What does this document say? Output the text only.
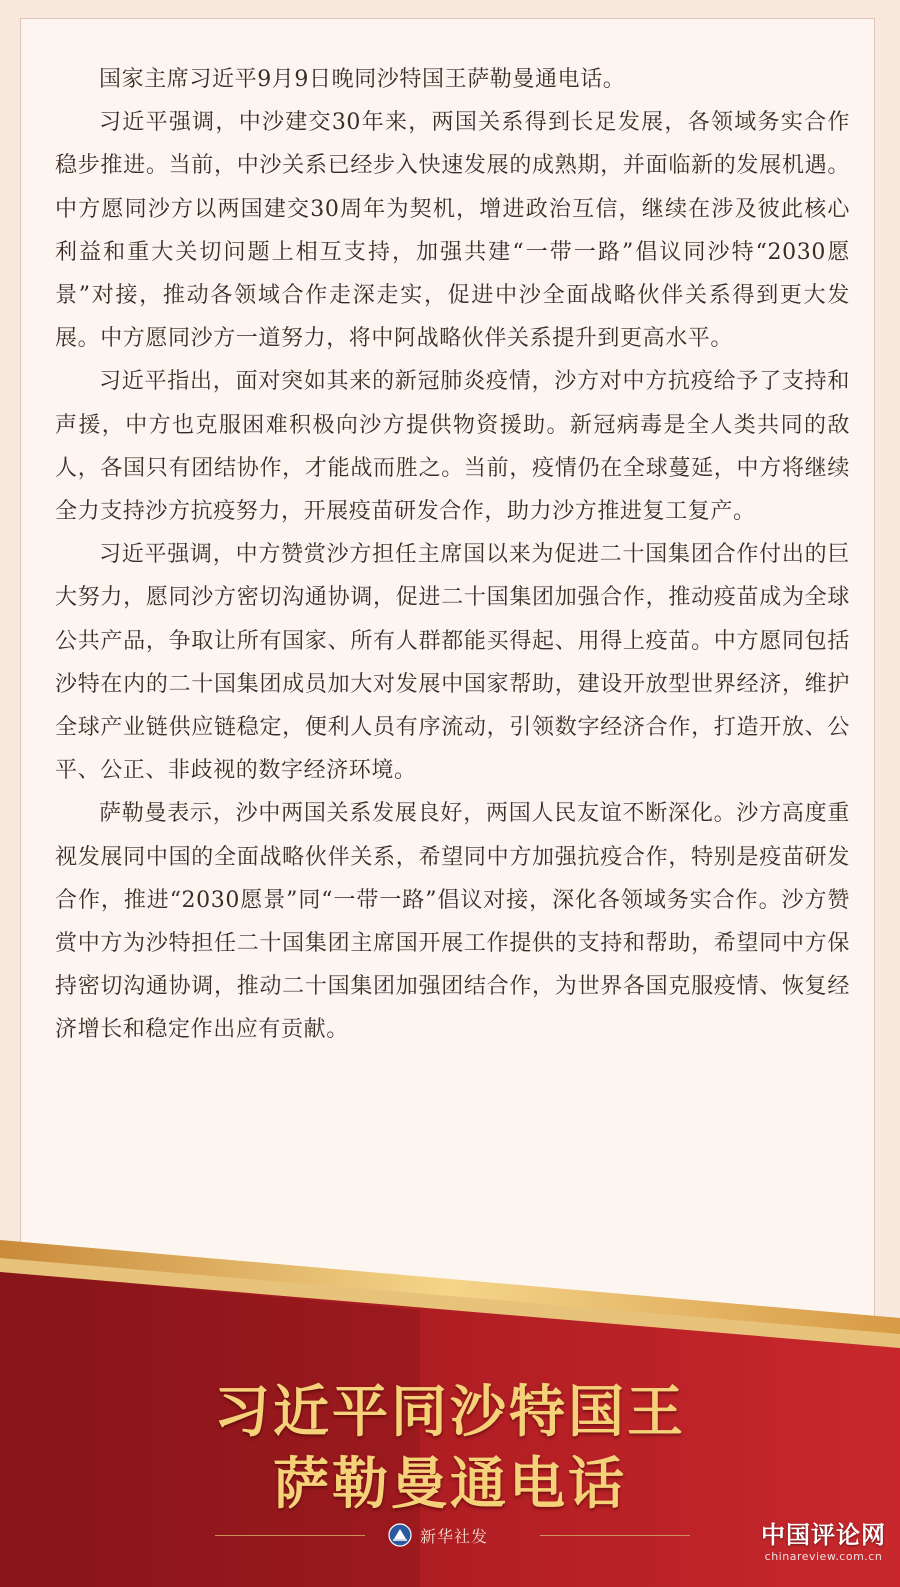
国家主席习近平9月9日晚同沙特国王萨勒曼通电话。

习近平强调，中沙建交30年来，两国关系得到长足发展，各领域务实合作稳步推进。当前，中沙关系已经步入快速发展的成熟期，并面临新的发展机遇。中方愿同沙方以两国建交30周年为契机，增进政治互信，继续在涉及彼此核心利益和重大关切问题上相互支持，加强共建“一带一路”倡议同沙特“2030愿景”对接，推动各领域合作走深走实，促进中沙全面战略伙伴关系得到更大发展。中方愿同沙方一道努力，将中阿战略伙伴关系提升到更高水平。

习近平指出，面对突如其来的新冠肺炎疫情，沙方对中方抗疫给予了支持和声援，中方也克服困难积极向沙方提供物资援助。新冠病毒是全人类共同的敌人，各国只有团结协作，才能战而胜之。当前，疫情仍在全球蔓延，中方将继续全力支持沙方抗疫努力，开展疫苗研发合作，助力沙方推进复工复产。

习近平强调，中方赞赏沙方担任主席国以来为促进二十国集团合作付出的巨大努力，愿同沙方密切沟通协调，促进二十国集团加强合作，推动疫苗成为全球公共产品，争取让所有国家、所有人群都能买得起、用得上疫苗。中方愿同包括沙特在内的二十国集团成员加大对发展中国家帮助，建设开放型世界经济，维护全球产业链供应链稳定，便利人员有序流动，引领数字经济合作，打造开放、公平、公正、非歧视的数字经济环境。

萨勒曼表示，沙中两国关系发展良好，两国人民友谊不断深化。沙方高度重视发展同中国的全面战略伙伴关系，希望同中方加强抗疫合作，特别是疫苗研发合作，推进“2030愿景”同“一带一路”倡议对接，深化各领域务实合作。沙方赞赏中方为沙特担任二十国集团主席国开展工作提供的支持和帮助，希望同中方保持密切沟通协调，推动二十国集团加强团结合作，为世界各国克服疫情、恢复经济增长和稳定作出应有贡献。

习近平同沙特国王
萨勒曼通电话
新华社发	中国评论网
chinareview.com.cn
